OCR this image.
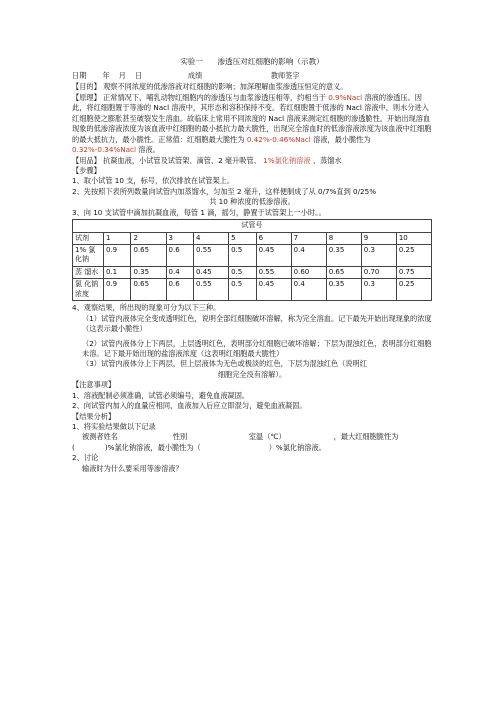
实验一      渗透压对红细胞的影响（示教）
日期       年    月    日                    成绩                              教师签字

【目的】 观察不同浓度的低渗溶液对红细胞的影响；加深理解血浆渗透压恒定的意义。

【原理】 正常情况下，哺乳动物红细胞内的渗透压与血浆渗透压相等，约相当于 0.9%Nacl 溶液的渗透压。因此，将红细胞置于等渗的 Nacl 溶液中，其形态和容积保持不变。若红细胞置于低渗的 Nacl 溶液中，则水分进入红细胞使之膨胀甚至破裂发生溶血。故临床上常用不同浓度的 Nacl 溶液来测定红细胞的渗透脆性。开始出现溶血现象的低渗溶液浓度为该血液中红细胞的最小抵抗力最大脆性，出现完全溶血时的低渗溶液浓度为该血液中红细胞的最大抵抗力，最小脆性。正常值：红细胞最大脆性为 0.42%-0.46%Nacl 溶液，最小脆性为 0.32%-0.34%Nacl 溶液。

【用品】 抗凝血液，小试管及试管架、滴管、2 毫升吸管、 1%氯化钠溶液 、蒸馏水

【步骤】

1、取小试管 10 支，标号，依次排放在试管架上。

2、先按照下表所列数量向试管内加蒸馏水，匀加至 2 毫升，这样便制成了从 0/7%直到 0/25%

共 10 种浓度的低渗溶液。

3、向 10 支试管中滴加抗凝血液，每管 1 滴，摇匀，静置于试管架上一小时。。

试管号										
试剂	1	2	3	4	5	6	7	8	9	10
1% 氯化钠	0.9	0.65	0.6	0.55	0.5	0.45	0.4	0.35	0.3	0.25
蒸 馏水	0.1	0.35	0.4	0.45	0.5	0.55	0.60	0.65	0.70	0.75
氯 化钠 浓度	0.9	0.65	0.6	0.55	0.5	0.45	0.4	0.35	0.3	0.25

4、观察结果，所出现的现象可分为以下三种。

（1）试管内液体完全变成透明红色，说明全部红细胞破坏溶解，称为完全溶血。记下最先开始出现现象的浓度（这表示最小脆性）

（2）试管内液体分上下两层，上层透明红色，表明部分红细胞已破坏溶解；下层为混浊红色，表明部分红细胞未溶。记下最开始出现的盐溶液浓度（这表明红细胞最大脆性）

（3）试管内液体分上下两层，但上层液体为无色或极淡的红色，下层为混浊红色（说明红

细胞完全没有溶解）。

【注意事项】

1、溶液配制必须准确，试管必须编号，避免血液凝固。

2、向试管内加入的血量应相同，血液加入后应立即混匀，避免血液凝固。

【结果分析】

1、将实验结果做以下记录

被测者姓名                        性别                           室温（℃）                     ，最大红细胞脆性为

(	)%氯化钠溶液，最小脆性为（	）%氯化钠溶液。

2、讨论

输液时为什么要采用等渗溶液？
